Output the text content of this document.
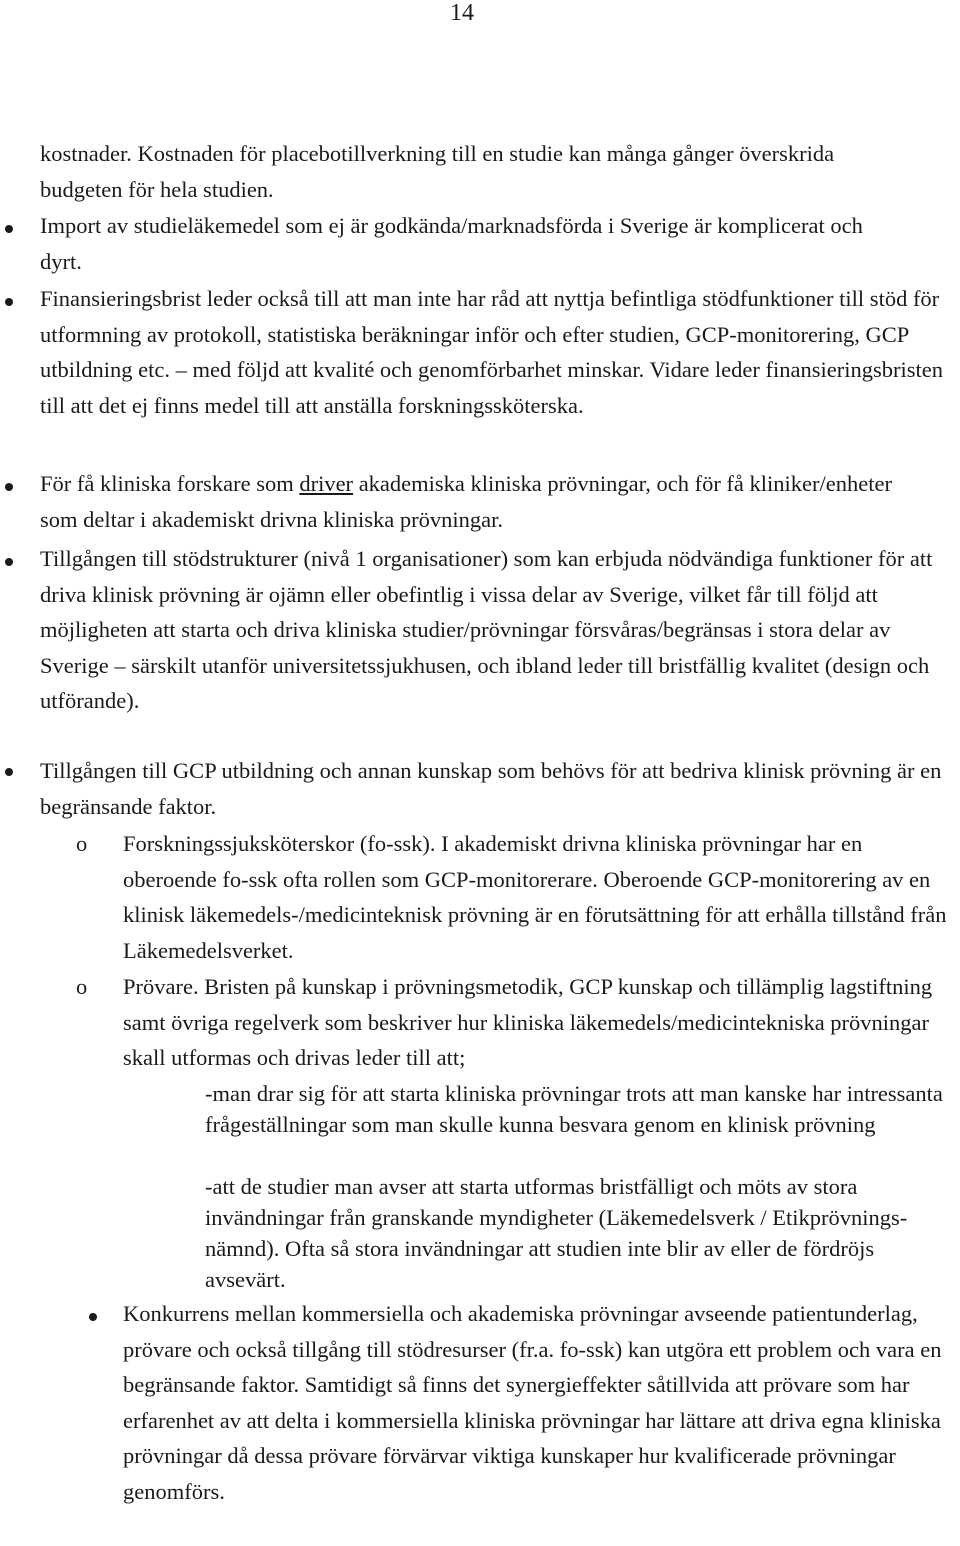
14

kostnader. Kostnaden för placebotillverkning till en studie kan många gånger överskrida budgeten för hela studien.

Import av studieläkemedel som ej är godkända/marknadsförda i Sverige är komplicerat och dyrt.

Finansieringsbrist leder också till att man inte har råd att nyttja befintliga stödfunktioner till stöd för utformning av protokoll, statistiska beräkningar inför och efter studien, GCP-monitorering, GCP utbildning etc. – med följd att kvalité och genomförbarhet minskar. Vidare leder finansieringsbristen till att det ej finns medel till att anställa forskningssköterska.

För få kliniska forskare som driver akademiska kliniska prövningar, och för få kliniker/enheter som deltar i akademiskt drivna kliniska prövningar.

Tillgången till stödstrukturer (nivå 1 organisationer) som kan erbjuda nödvändiga funktioner för att driva klinisk prövning är ojämn eller obefintlig i vissa delar av Sverige, vilket får till följd att möjligheten att starta och driva kliniska studier/prövningar försvåras/begränsas i stora delar av Sverige – särskilt utanför universitetssjukhusen, och ibland leder till bristfällig kvalitet (design och utförande).

Tillgången till GCP utbildning och annan kunskap som behövs för att bedriva klinisk prövning är en begränsande faktor.

o Forskningssjuksköterskor (fo-ssk). I akademiskt drivna kliniska prövningar har en oberoende fo-ssk ofta rollen som GCP-monitorerare. Oberoende GCP-monitorering av en klinisk läkemedels-/medicinteknisk prövning är en förutsättning för att erhålla tillstånd från Läkemedelsverket.

o Prövare. Bristen på kunskap i prövningsmetodik, GCP kunskap och tillämplig lagstiftning samt övriga regelverk som beskriver hur kliniska läkemedels/medicintekniska prövningar skall utformas och drivas leder till att;

-man drar sig för att starta kliniska prövningar trots att man kanske har intressanta frågeställningar som man skulle kunna besvara genom en klinisk prövning

-att de studier man avser att starta utformas bristfälligt och möts av stora invändningar från granskande myndigheter (Läkemedelsverk / Etikprövnings-nämnd). Ofta så stora invändningar att studien inte blir av eller de fördröjs avsevärt.

Konkurrens mellan kommersiella och akademiska prövningar avseende patientunderlag, prövare och också tillgång till stödresurser (fr.a. fo-ssk) kan utgöra ett problem och vara en begränsande faktor. Samtidigt så finns det synergieffekter såtillvida att prövare som har erfarenhet av att delta i kommersiella kliniska prövningar har lättare att driva egna kliniska prövningar då dessa prövare förvärvar viktiga kunskaper hur kvalificerade prövningar genomförs.
